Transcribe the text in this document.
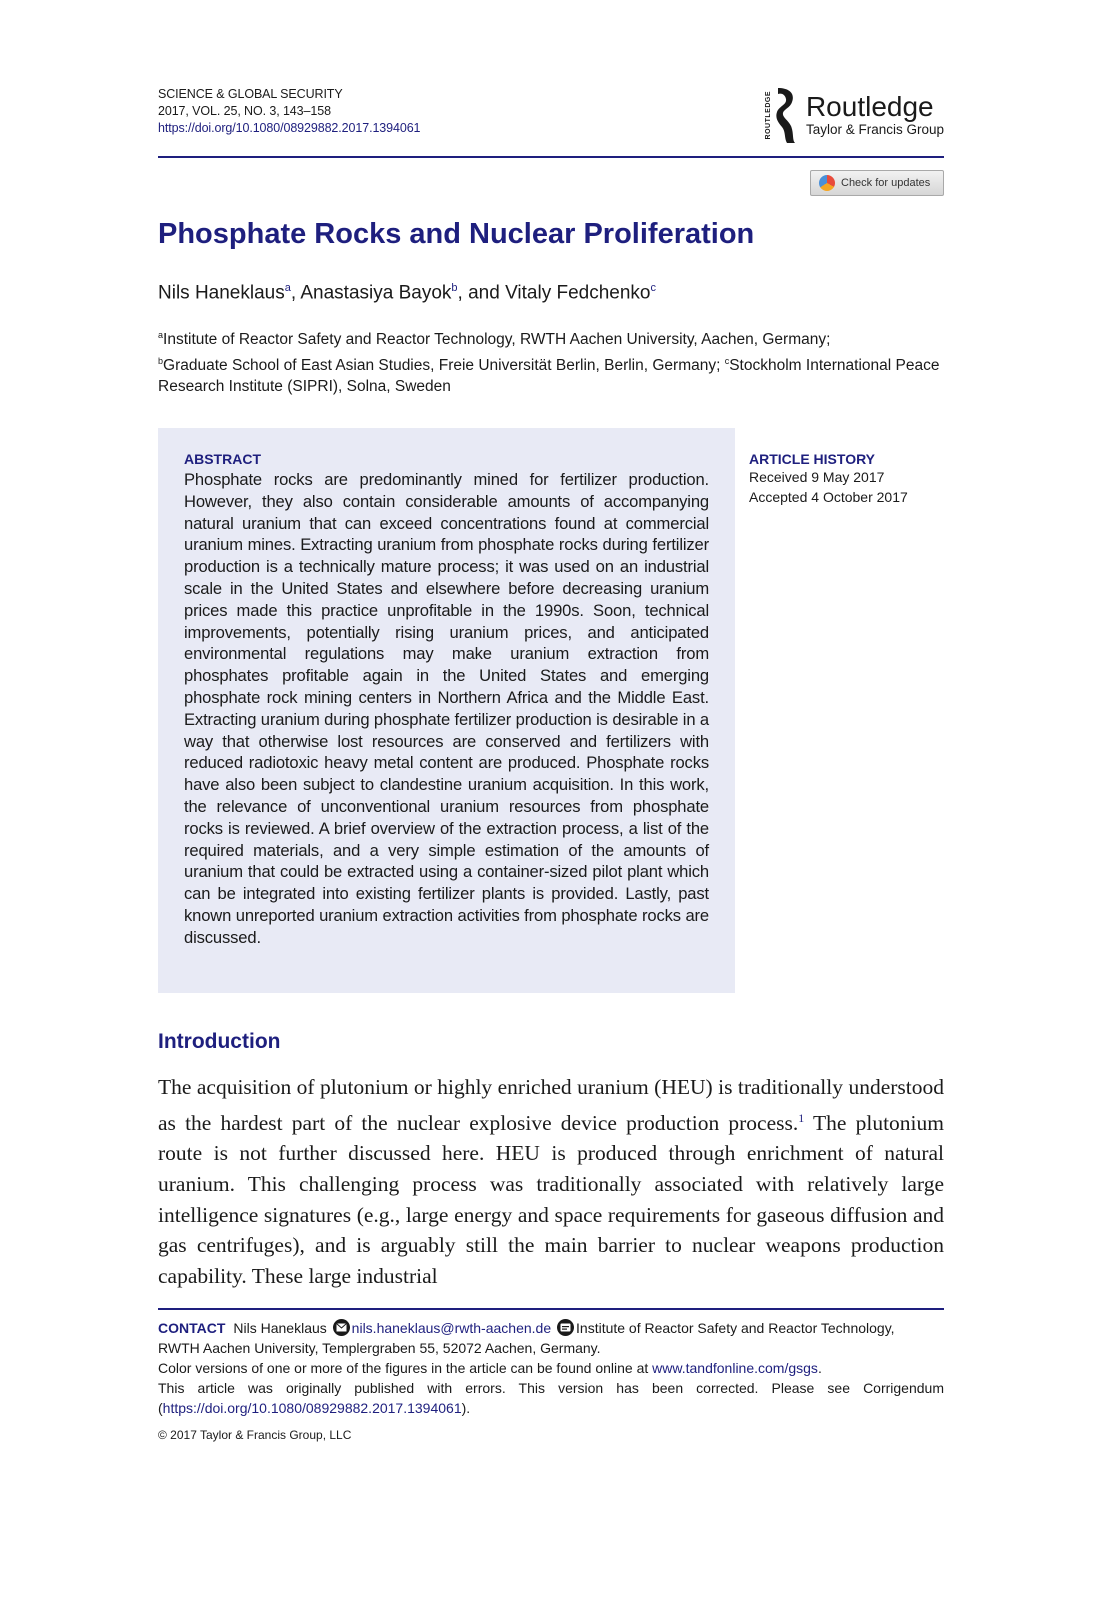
SCIENCE & GLOBAL SECURITY
2017, VOL. 25, NO. 3, 143–158
https://doi.org/10.1080/08929882.2017.1394061	ROUTLEDGE Routledge
Taylor & Francis Group
Check for updates
Phosphate Rocks and Nuclear Proliferation
Nils Haneklaus$^a$, Anastasiya Bayok$^b$, and Vitaly Fedchenko$^c$
$^a$Institute of Reactor Safety and Reactor Technology, RWTH Aachen University, Aachen, Germany;
$^b$Graduate School of East Asian Studies, Freie Universität Berlin, Berlin, Germany; $^c$Stockholm International Peace Research Institute (SIPRI), Solna, Sweden
ABSTRACT
Phosphate rocks are predominantly mined for fertilizer production. However, they also contain considerable amounts of accompanying natural uranium that can exceed concentrations found at commercial uranium mines. Extracting uranium from phosphate rocks during fertilizer production is a technically mature process; it was used on an industrial scale in the United States and elsewhere before decreasing uranium prices made this practice unprofitable in the 1990s. Soon, technical improvements, potentially rising uranium prices, and anticipated environmental regulations may make uranium extraction from phosphates profitable again in the United States and emerging phosphate rock mining centers in Northern Africa and the Middle East. Extracting uranium during phosphate fertilizer production is desirable in a way that otherwise lost resources are conserved and fertilizers with reduced radiotoxic heavy metal content are produced. Phosphate rocks have also been subject to clandestine uranium acquisition. In this work, the relevance of unconventional uranium resources from phosphate rocks is reviewed. A brief overview of the extraction process, a list of the required materials, and a very simple estimation of the amounts of uranium that could be extracted using a container-sized pilot plant which can be integrated into existing fertilizer plants is provided. Lastly, past known unreported uranium extraction activities from phosphate rocks are discussed.
ARTICLE HISTORY
Received 9 May 2017
Accepted 4 October 2017
Introduction
The acquisition of plutonium or highly enriched uranium (HEU) is traditionally understood as the hardest part of the nuclear explosive device production process.$^1$ The plutonium route is not further discussed here. HEU is produced through enrichment of natural uranium. This challenging process was traditionally associated with relatively large intelligence signatures (e.g., large energy and space requirements for gaseous diffusion and gas centrifuges), and is arguably still the main barrier to nuclear weapons production capability. These large industrial
CONTACT Nils Haneklaus nils.haneklaus@rwth-aachen.de Institute of Reactor Safety and Reactor Technology,
RWTH Aachen University, Templergraben 55, 52072 Aachen, Germany.
Color versions of one or more of the figures in the article can be found online at www.tandfonline.com/gsgs.
This article was originally published with errors. This version has been corrected. Please see Corrigendum (https://doi.org/10.1080/08929882.2017.1394061).
© 2017 Taylor & Francis Group, LLC
